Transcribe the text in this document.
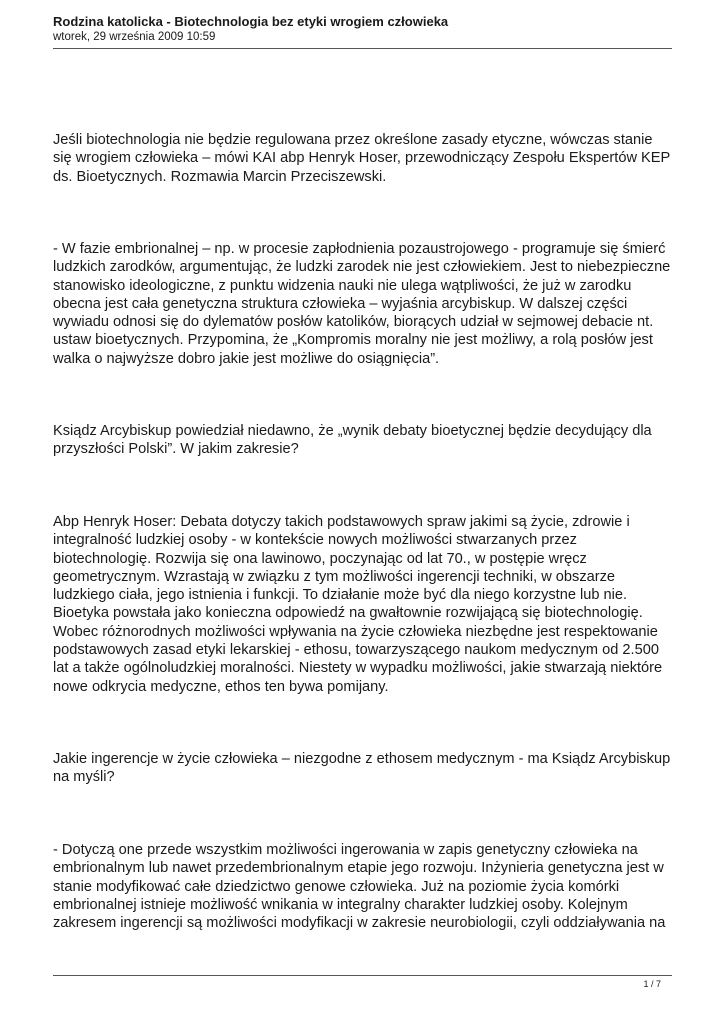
Rodzina katolicka - Biotechnologia bez etyki wrogiem człowieka

wtorek, 29 września 2009 10:59

Jeśli biotechnologia nie będzie regulowana przez określone zasady etyczne, wówczas stanie
się wrogiem człowieka – mówi KAI abp Henryk Hoser, przewodniczący Zespołu Ekspertów KEP
ds. Bioetycznych. Rozmawia Marcin Przeciszewski.

- W fazie embrionalnej – np. w procesie zapłodnienia pozaustrojowego - programuje się śmierć
ludzkich zarodków, argumentując, że ludzki zarodek nie jest człowiekiem. Jest to niebezpieczne
stanowisko ideologiczne, z punktu widzenia nauki nie ulega wątpliwości, że już w zarodku
obecna jest cała genetyczna struktura człowieka – wyjaśnia arcybiskup. W dalszej części
wywiadu odnosi się do dylematów posłów katolików, biorących udział w sejmowej debacie nt.
ustaw bioetycznych. Przypomina, że „Kompromis moralny nie jest możliwy, a rolą posłów jest
walka o najwyższe dobro jakie jest możliwe do osiągnięcia”.

Ksiądz Arcybiskup powiedział niedawno, że „wynik debaty bioetycznej będzie decydujący dla
przyszłości Polski”. W jakim zakresie?

Abp Henryk Hoser: Debata dotyczy takich podstawowych spraw jakimi są życie, zdrowie i
integralność ludzkiej osoby - w kontekście nowych możliwości stwarzanych przez
biotechnologię. Rozwija się ona lawinowo, poczynając od lat 70., w postępie wręcz
geometrycznym. Wzrastają w związku z tym możliwości ingerencji techniki, w obszarze
ludzkiego ciała, jego istnienia i funkcji. To działanie może być dla niego korzystne lub nie.
Bioetyka powstała jako konieczna odpowiedź na gwałtownie rozwijającą się biotechnologię.
Wobec różnorodnych możliwości wpływania na życie człowieka niezbędne jest respektowanie
podstawowych zasad etyki lekarskiej - ethosu, towarzyszącego naukom medycznym od 2.500
lat a także ogólnoludzkiej moralności. Niestety w wypadku możliwości, jakie stwarzają niektóre
nowe odkrycia medyczne, ethos ten bywa pomijany.

Jakie ingerencje w życie człowieka – niezgodne z ethosem medycznym - ma Ksiądz Arcybiskup
na myśli?

- Dotyczą one przede wszystkim możliwości ingerowania w zapis genetyczny człowieka na
embrionalnym lub nawet przedembrionalnym etapie jego rozwoju. Inżynieria genetyczna jest w
stanie modyfikować całe dziedzictwo genowe człowieka. Już na poziomie życia komórki
embrionalnej istnieje możliwość wnikania w integralny charakter ludzkiej osoby. Kolejnym
zakresem ingerencji są możliwości modyfikacji w zakresie neurobiologii, czyli oddziaływania na

1 / 7
